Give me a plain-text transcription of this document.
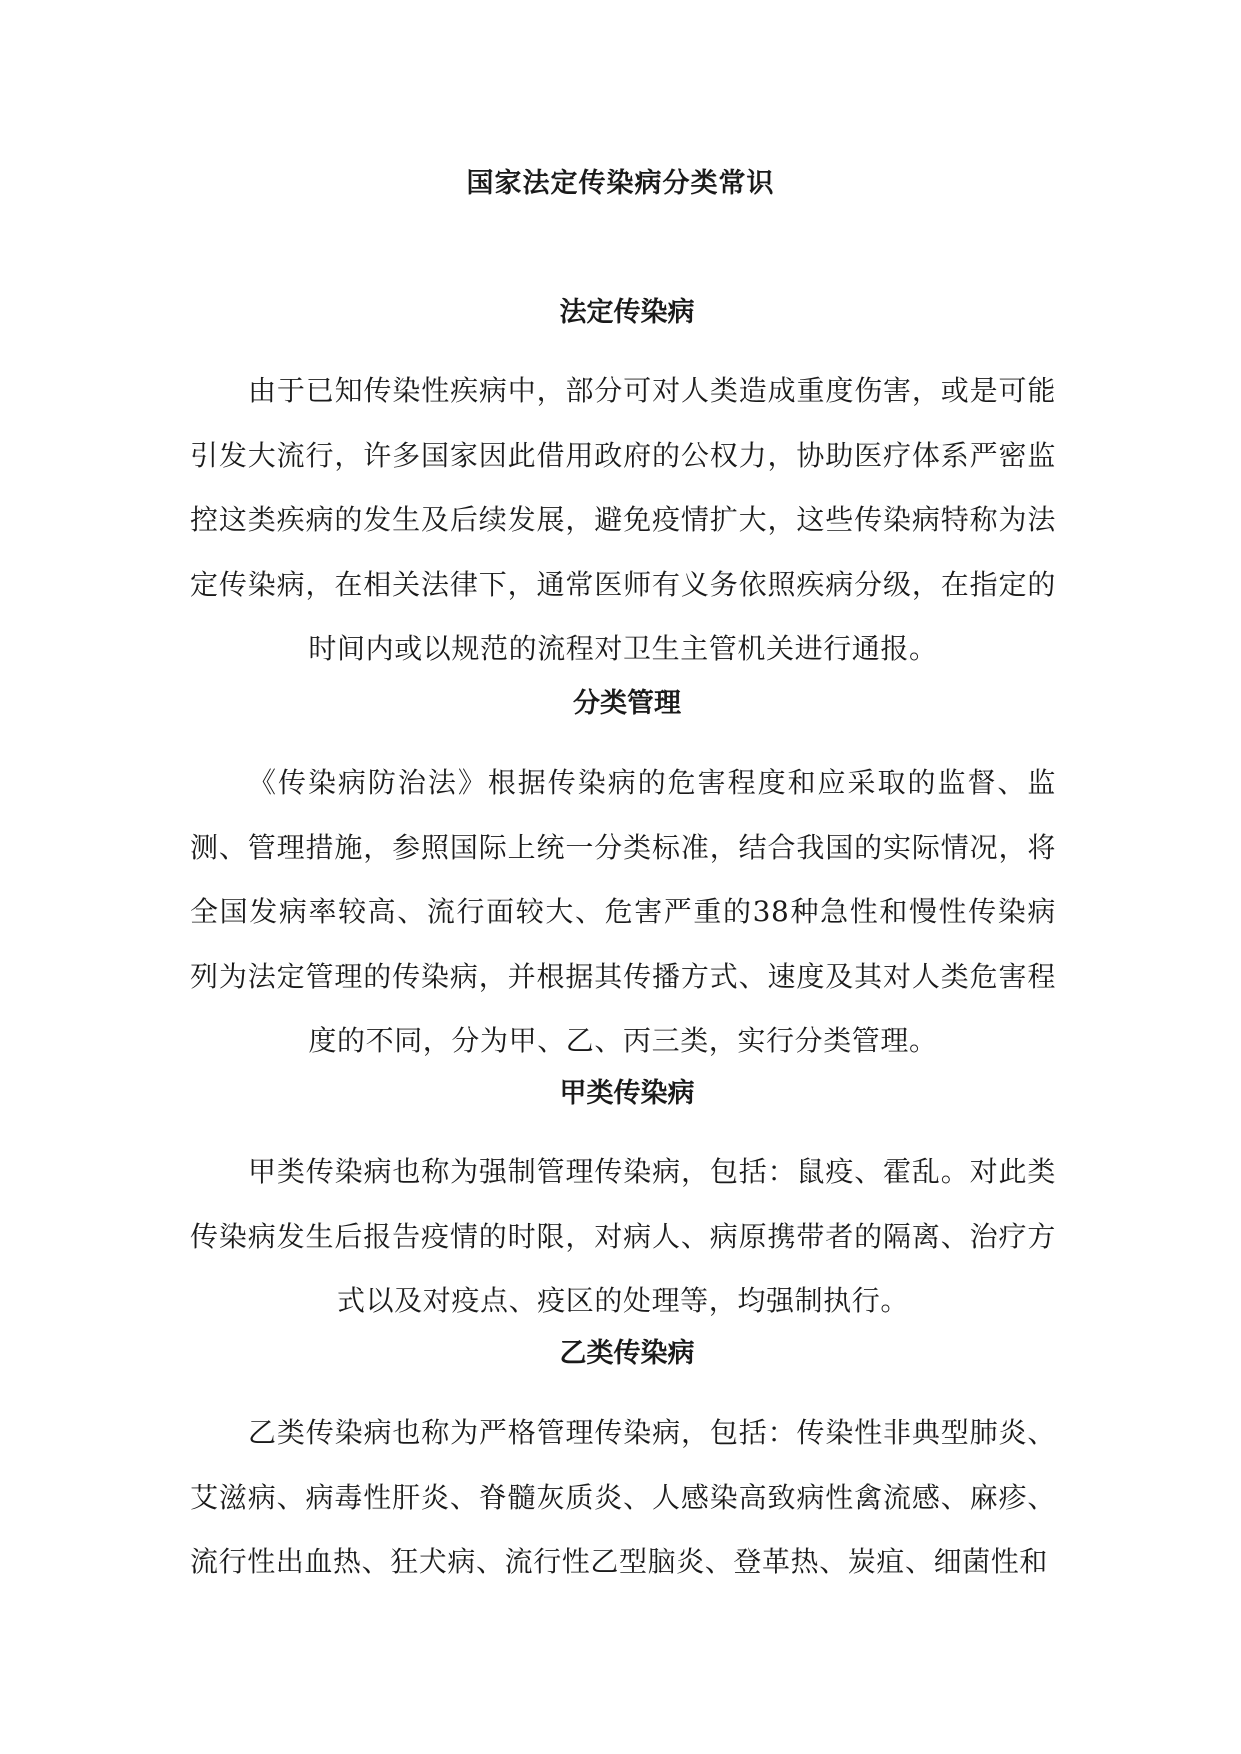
国家法定传染病分类常识
法定传染病

由于已知传染性疾病中，部分可对人类造成重度伤害，或是可能引发大流行，许多国家因此借用政府的公权力，协助医疗体系严密监控这类疾病的发生及后续发展，避免疫情扩大，这些传染病特称为法定传染病，在相关法律下，通常医师有义务依照疾病分级，在指定的时间内或以规范的流程对卫生主管机关进行通报。

分类管理

《传染病防治法》根据传染病的危害程度和应采取的监督、监测、管理措施，参照国际上统一分类标准，结合我国的实际情况，将全国发病率较高、流行面较大、危害严重的38种急性和慢性传染病列为法定管理的传染病，并根据其传播方式、速度及其对人类危害程度的不同，分为甲、乙、丙三类，实行分类管理。

甲类传染病

甲类传染病也称为强制管理传染病，包括：鼠疫、霍乱。对此类传染病发生后报告疫情的时限，对病人、病原携带者的隔离、治疗方式以及对疫点、疫区的处理等，均强制执行。

乙类传染病

乙类传染病也称为严格管理传染病，包括：传染性非典型肺炎、艾滋病、病毒性肝炎、脊髓灰质炎、人感染高致病性禽流感、麻疹、流行性出血热、狂犬病、流行性乙型脑炎、登革热、炭疽、细菌性和
